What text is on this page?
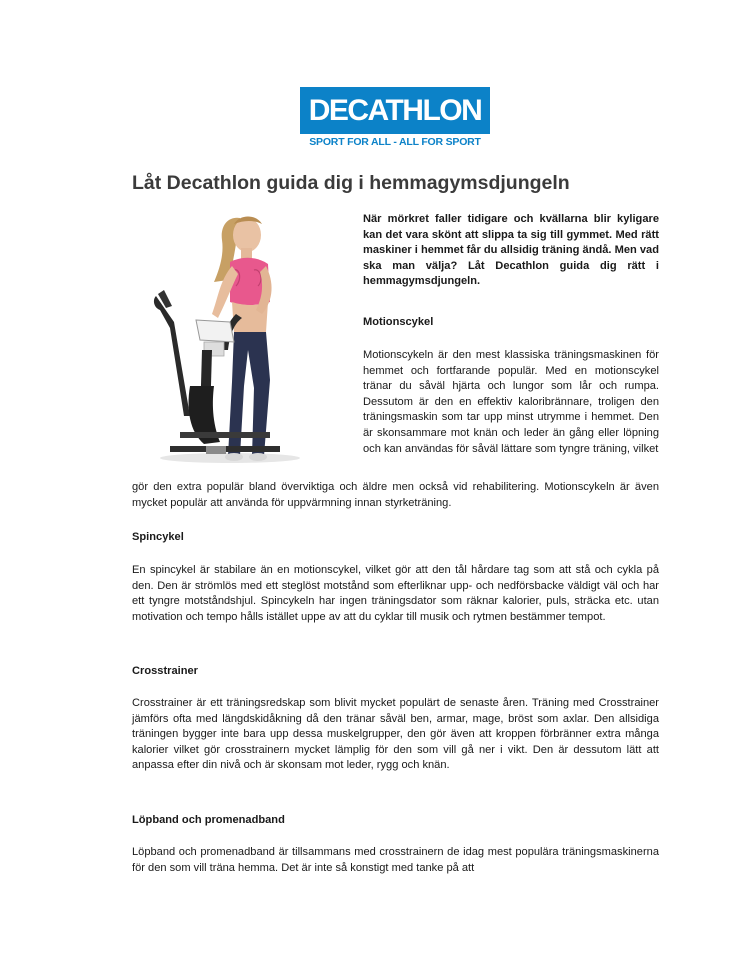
DECATHLON
SPORT FOR ALL - ALL FOR SPORT
Låt Decathlon guida dig i hemmagymsdjungeln

När mörkret faller tidigare och kvällarna blir kyligare kan det vara skönt att slippa ta sig till gymmet. Med rätt maskiner i hemmet får du allsidig träning ändå. Men vad ska man välja? Låt Decathlon guida dig rätt i hemmagymsdjungeln.

Motionscykel

Motionscykeln är den mest klassiska träningsmaskinen för hemmet och fortfarande populär. Med en motionscykel tränar du såväl hjärta och lungor som lår och rumpa. Dessutom är den en effektiv kaloribrännare, troligen den träningsmaskin som tar upp minst utrymme i hemmet. Den är skonsammare mot knän och leder än gång eller löpning och kan användas för såväl lättare som tyngre träning, vilket

gör den extra populär bland överviktiga och äldre men också vid rehabilitering. Motionscykeln är även mycket populär att använda för uppvärmning innan styrketräning.

Spincykel

En spincykel är stabilare än en motionscykel, vilket gör att den tål hårdare tag som att stå och cykla på den. Den är strömlös med ett steglöst motstånd som efterliknar upp- och nedförsbacke väldigt väl och har ett tyngre motståndshjul. Spincykeln har ingen träningsdator som räknar kalorier, puls, sträcka etc. utan motivation och tempo hålls istället uppe av att du cyklar till musik och rytmen bestämmer tempot.

Crosstrainer

Crosstrainer är ett träningsredskap som blivit mycket populärt de senaste åren. Träning med Crosstrainer jämförs ofta med längdskidåkning då den tränar såväl ben, armar, mage, bröst som axlar. Den allsidiga träningen bygger inte bara upp dessa muskelgrupper, den gör även att kroppen förbränner extra många kalorier vilket gör crosstrainern mycket lämplig för den som vill gå ner i vikt. Den är dessutom lätt att anpassa efter din nivå och är skonsam mot leder, rygg och knän.

Löpband och promenadband

Löpband och promenadband är tillsammans med crosstrainern de idag mest populära träningsmaskinerna för den som vill träna hemma. Det är inte så konstigt med tanke på att
